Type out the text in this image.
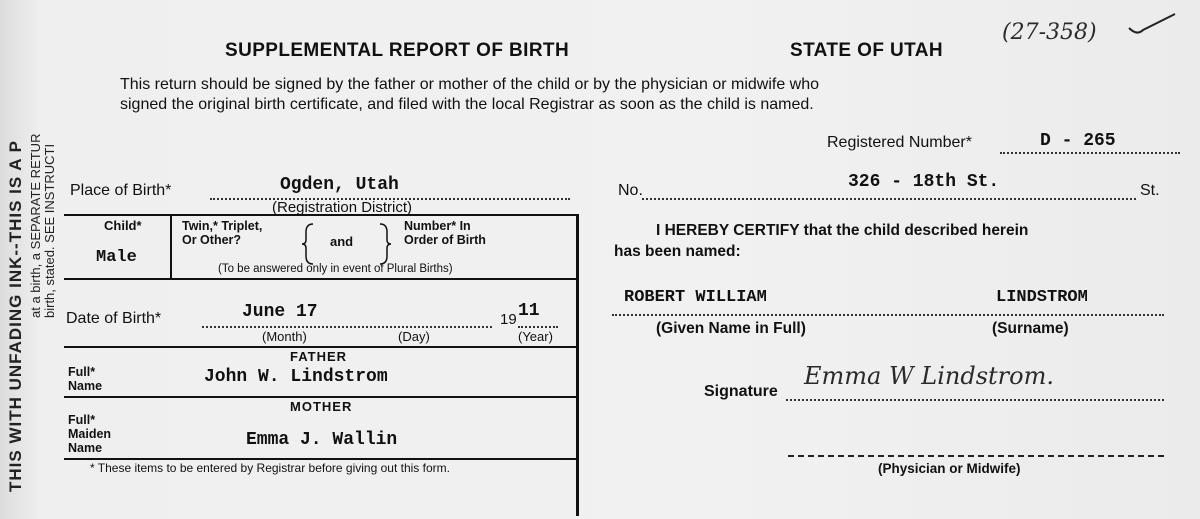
THIS WITH UNFADING INK--THIS IS A P at a birth, a SEPARATE RETUR birth, stated. SEE INSTRUCTI
SUPPLEMENTAL REPORT OF BIRTH	STATE OF UTAH
(27-358)
This return should be signed by the father or mother of the child or by the physician or midwife who
signed the original birth certificate, and filed with the local Registrar as soon as the child is named.
Registered Number*	D - 265
Place of Birth*	Ogden, Utah
(Registration District)
No.	326 - 18th St.	St.
Child*
Male
Twin,* Triplet, Or Other?	and
Number* In Order of Birth
(To be answered only in event of Plural Births)
Date of Birth*	June 17	19 11
(Month)	(Day)	(Year)
FATHER
Full* Name	John W. Lindstrom
MOTHER
Full* Maiden Name	Emma J. Wallin
* These items to be entered by Registrar before giving out this form.
I HEREBY CERTIFY that the child described herein
has been named:
ROBERT WILLIAM	LINDSTROM
(Given Name in Full)	(Surname)
Signature
Emma W Lindstrom.
(Physician or Midwife)
